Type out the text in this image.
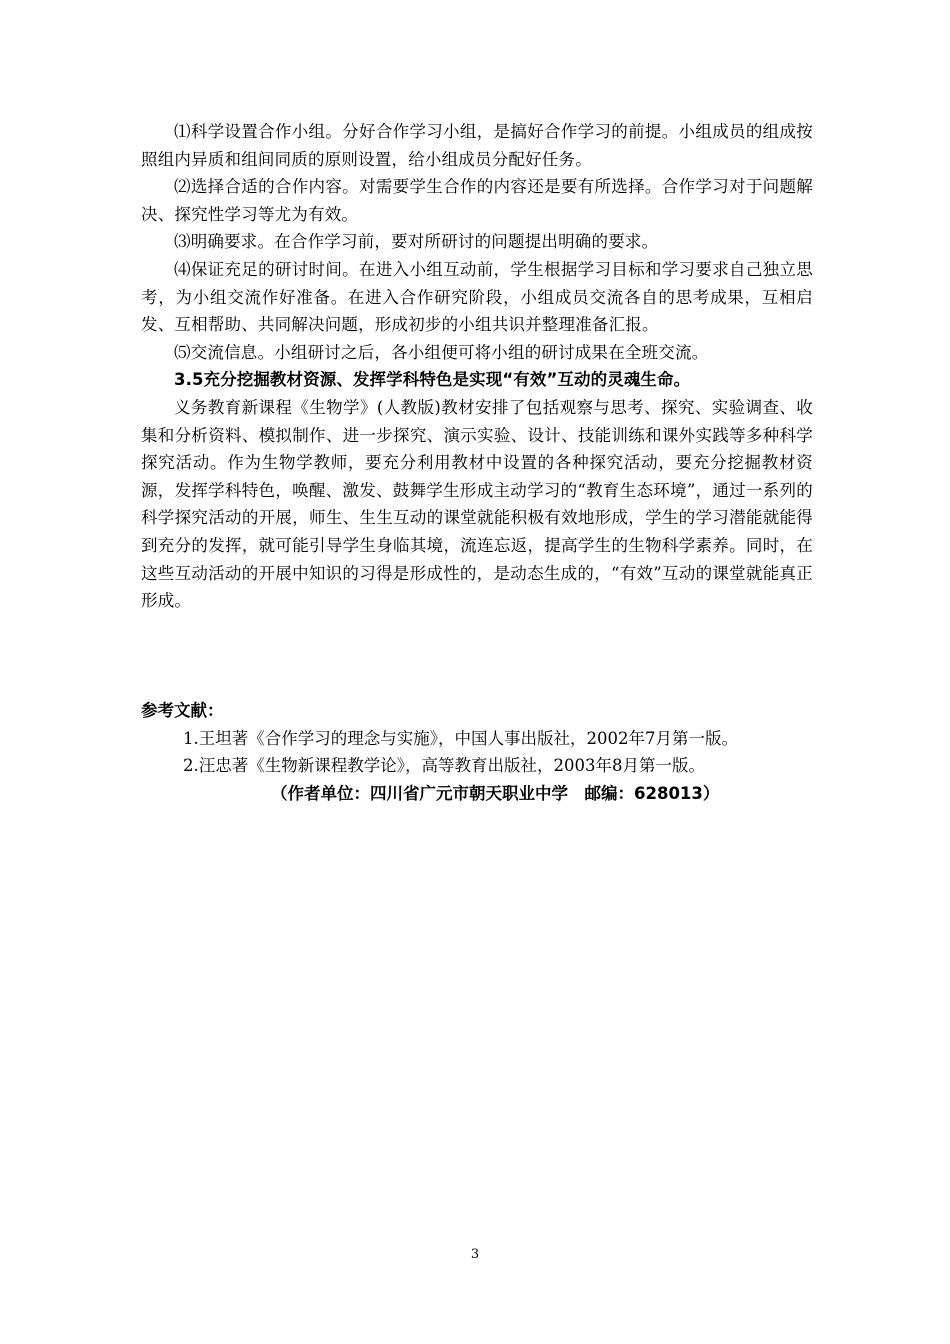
⑴科学设置合作小组。分好合作学习小组，是搞好合作学习的前提。小组成员的组成按照组内异质和组间同质的原则设置，给小组成员分配好任务。

⑵选择合适的合作内容。对需要学生合作的内容还是要有所选择。合作学习对于问题解决、探究性学习等尤为有效。

⑶明确要求。在合作学习前，要对所研讨的问题提出明确的要求。

⑷保证充足的研讨时间。在进入小组互动前，学生根据学习目标和学习要求自己独立思考，为小组交流作好准备。在进入合作研究阶段，小组成员交流各自的思考成果，互相启发、互相帮助、共同解决问题，形成初步的小组共识并整理准备汇报。

⑸交流信息。小组研讨之后，各小组便可将小组的研讨成果在全班交流。

3.5充分挖掘教材资源、发挥学科特色是实现“有效”互动的灵魂生命。

义务教育新课程《生物学》(人教版)教材安排了包括观察与思考、探究、实验调查、收集和分析资料、模拟制作、进一步探究、演示实验、设计、技能训练和课外实践等多种科学探究活动。作为生物学教师，要充分利用教材中设置的各种探究活动，要充分挖掘教材资源，发挥学科特色，唤醒、激发、鼓舞学生形成主动学习的“教育生态环境”，通过一系列的科学探究活动的开展，师生、生生互动的课堂就能积极有效地形成，学生的学习潜能就能得到充分的发挥，就可能引导学生身临其境，流连忘返，提高学生的生物科学素养。同时，在这些互动活动的开展中知识的习得是形成性的，是动态生成的，“有效”互动的课堂就能真正形成。

参考文献：

1.王坦著《合作学习的理念与实施》，中国人事出版社，2002年7月第一版。

2.汪忠著《生物新课程教学论》，高等教育出版社，2003年8月第一版。

（作者单位：四川省广元市朝天职业中学　邮编：628013）

3
